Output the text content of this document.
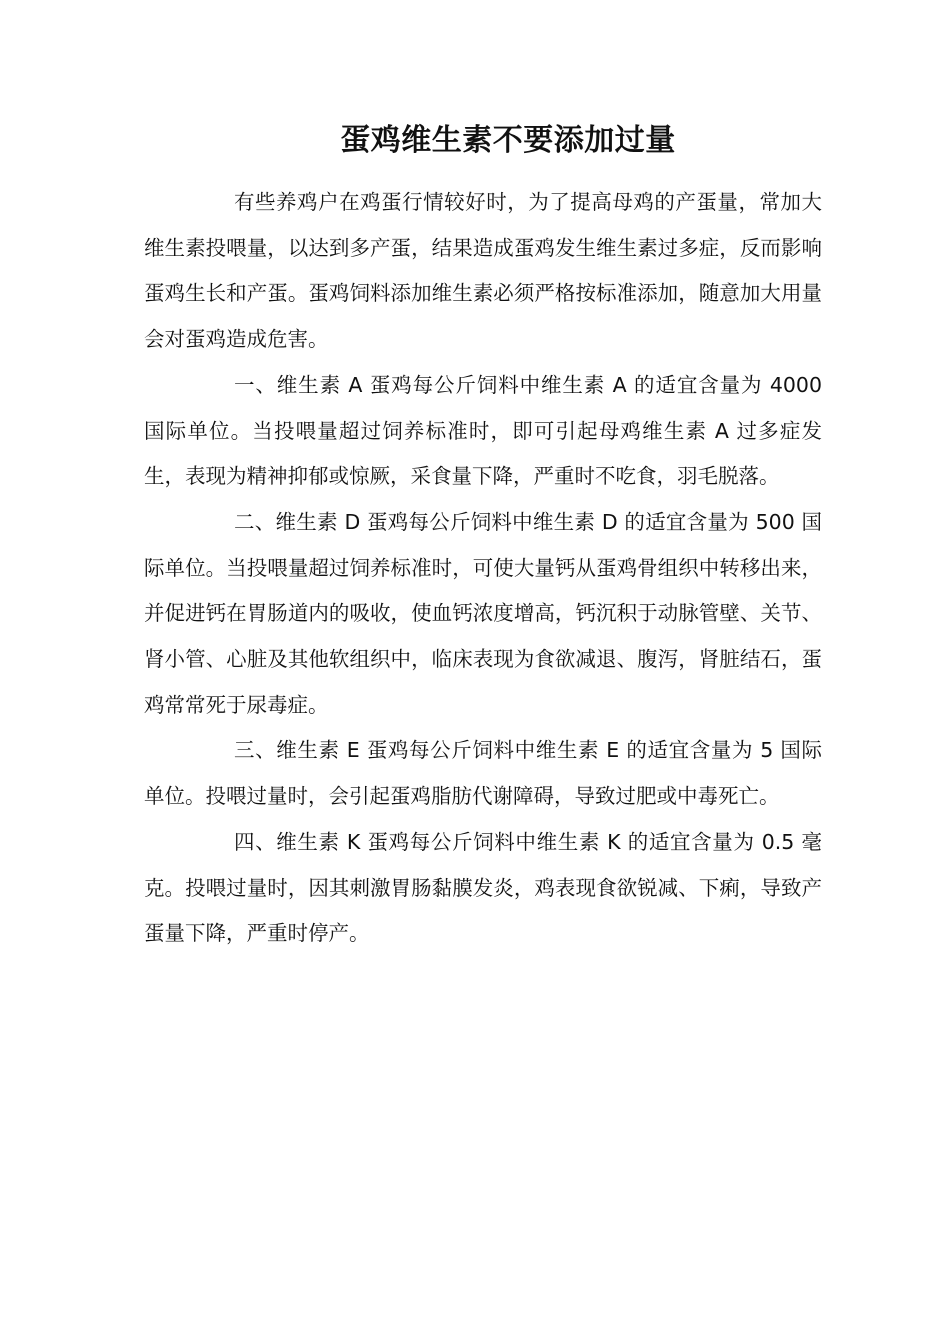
蛋鸡维生素不要添加过量

有些养鸡户在鸡蛋行情较好时，为了提高母鸡的产蛋量，常加大维生素投喂量，以达到多产蛋，结果造成蛋鸡发生维生素过多症，反而影响蛋鸡生长和产蛋。蛋鸡饲料添加维生素必须严格按标准添加，随意加大用量会对蛋鸡造成危害。

一、维生素 A 蛋鸡每公斤饲料中维生素 A 的适宜含量为 4000 国际单位。当投喂量超过饲养标准时，即可引起母鸡维生素 A 过多症发生，表现为精神抑郁或惊厥，采食量下降，严重时不吃食，羽毛脱落。

二、维生素 D 蛋鸡每公斤饲料中维生素 D 的适宜含量为 500 国际单位。当投喂量超过饲养标准时，可使大量钙从蛋鸡骨组织中转移出来，并促进钙在胃肠道内的吸收，使血钙浓度增高，钙沉积于动脉管壁、关节、肾小管、心脏及其他软组织中，临床表现为食欲减退、腹泻，肾脏结石，蛋鸡常常死于尿毒症。

三、维生素 E 蛋鸡每公斤饲料中维生素 E 的适宜含量为 5 国际单位。投喂过量时，会引起蛋鸡脂肪代谢障碍，导致过肥或中毒死亡。

四、维生素 K 蛋鸡每公斤饲料中维生素 K 的适宜含量为 0.5 毫克。投喂过量时，因其刺激胃肠黏膜发炎，鸡表现食欲锐减、下痢，导致产蛋量下降，严重时停产。
